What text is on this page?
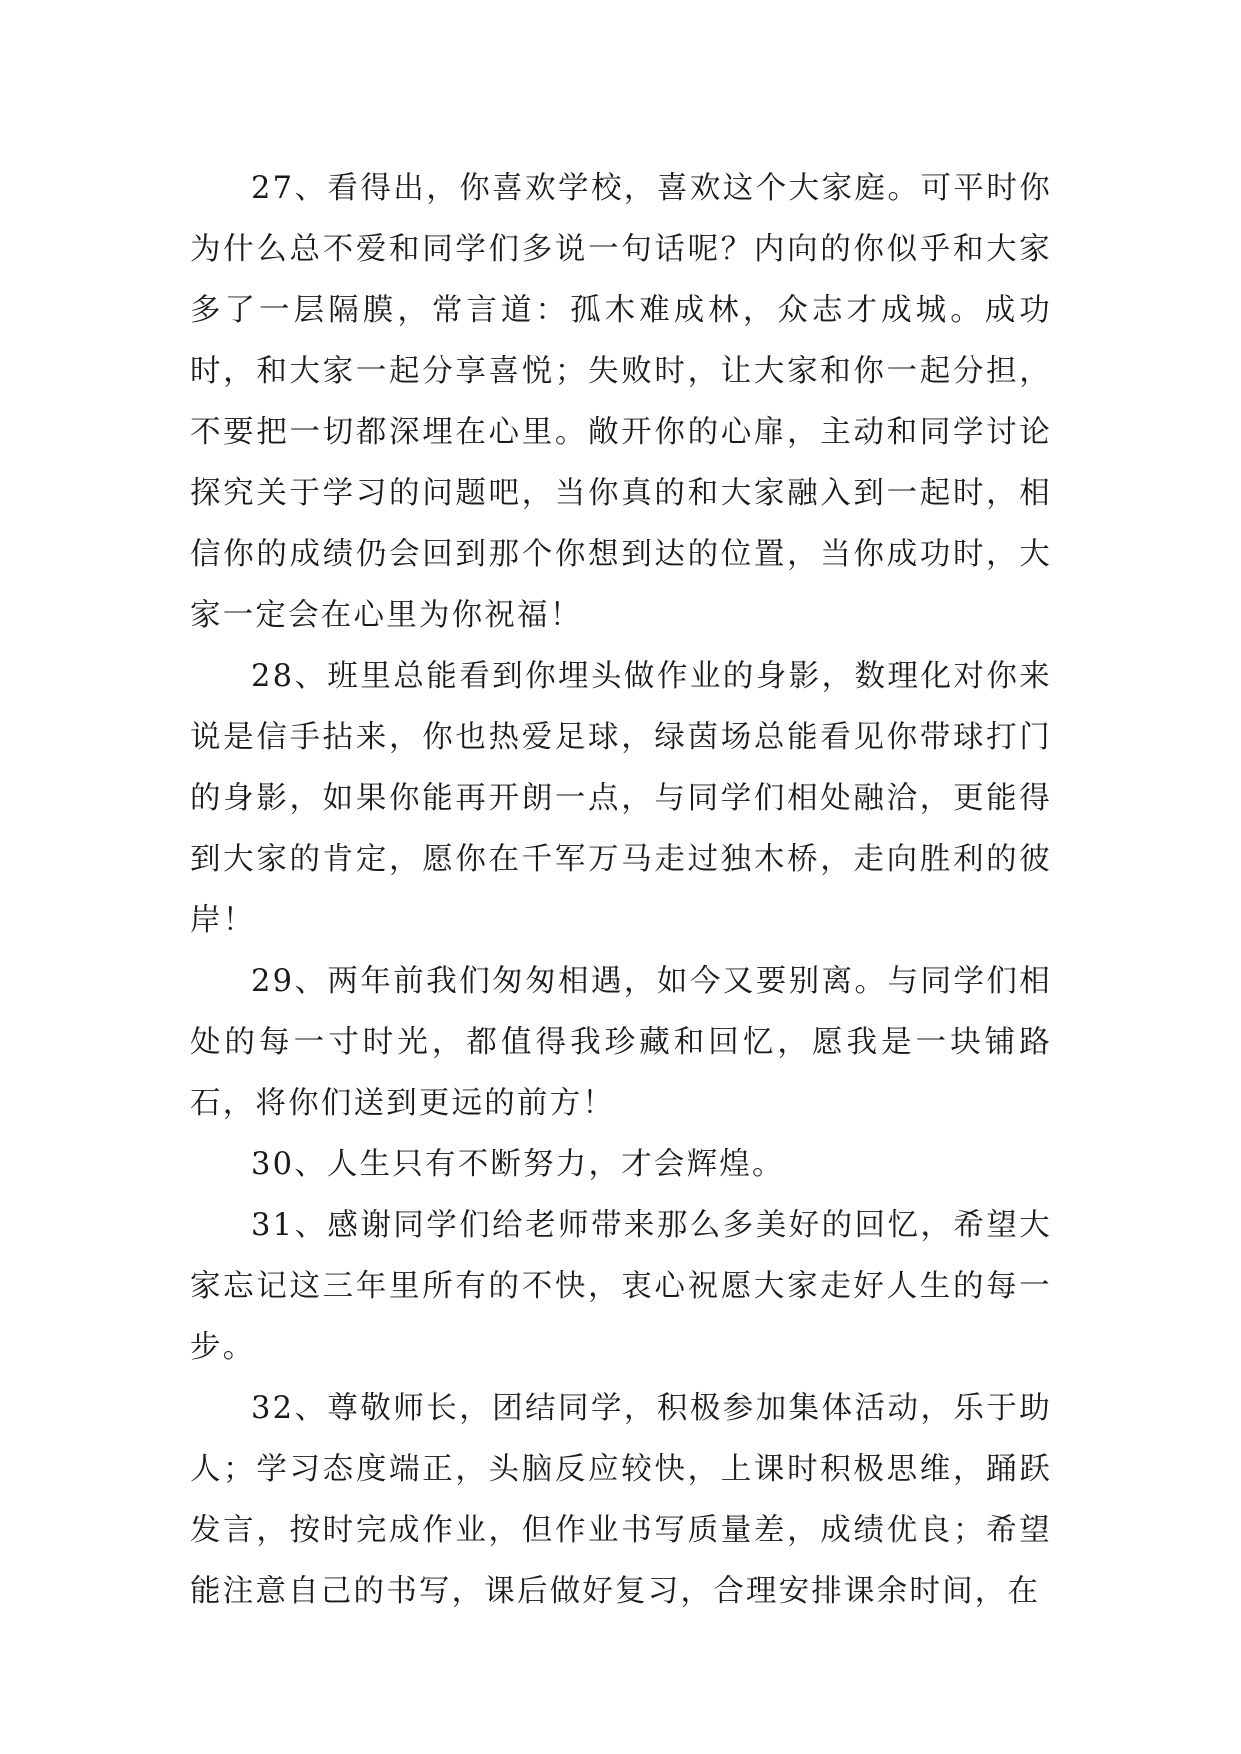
27、看得出，你喜欢学校，喜欢这个大家庭。可平时你为什么总不爱和同学们多说一句话呢？内向的你似乎和大家多了一层隔膜，常言道：孤木难成林，众志才成城。成功时，和大家一起分享喜悦；失败时，让大家和你一起分担，不要把一切都深埋在心里。敞开你的心扉，主动和同学讨论探究关于学习的问题吧，当你真的和大家融入到一起时，相信你的成绩仍会回到那个你想到达的位置，当你成功时，大家一定会在心里为你祝福！

28、班里总能看到你埋头做作业的身影，数理化对你来说是信手拈来，你也热爱足球，绿茵场总能看见你带球打门的身影，如果你能再开朗一点，与同学们相处融洽，更能得到大家的肯定，愿你在千军万马走过独木桥，走向胜利的彼岸！

29、两年前我们匆匆相遇，如今又要别离。与同学们相处的每一寸时光，都值得我珍藏和回忆，愿我是一块铺路石，将你们送到更远的前方！

30、人生只有不断努力，才会辉煌。

31、感谢同学们给老师带来那么多美好的回忆，希望大家忘记这三年里所有的不快，衷心祝愿大家走好人生的每一步。

32、尊敬师长，团结同学，积极参加集体活动，乐于助人；学习态度端正，头脑反应较快，上课时积极思维，踊跃发言，按时完成作业，但作业书写质量差，成绩优良；希望能注意自己的书写，课后做好复习，合理安排课余时间，在
